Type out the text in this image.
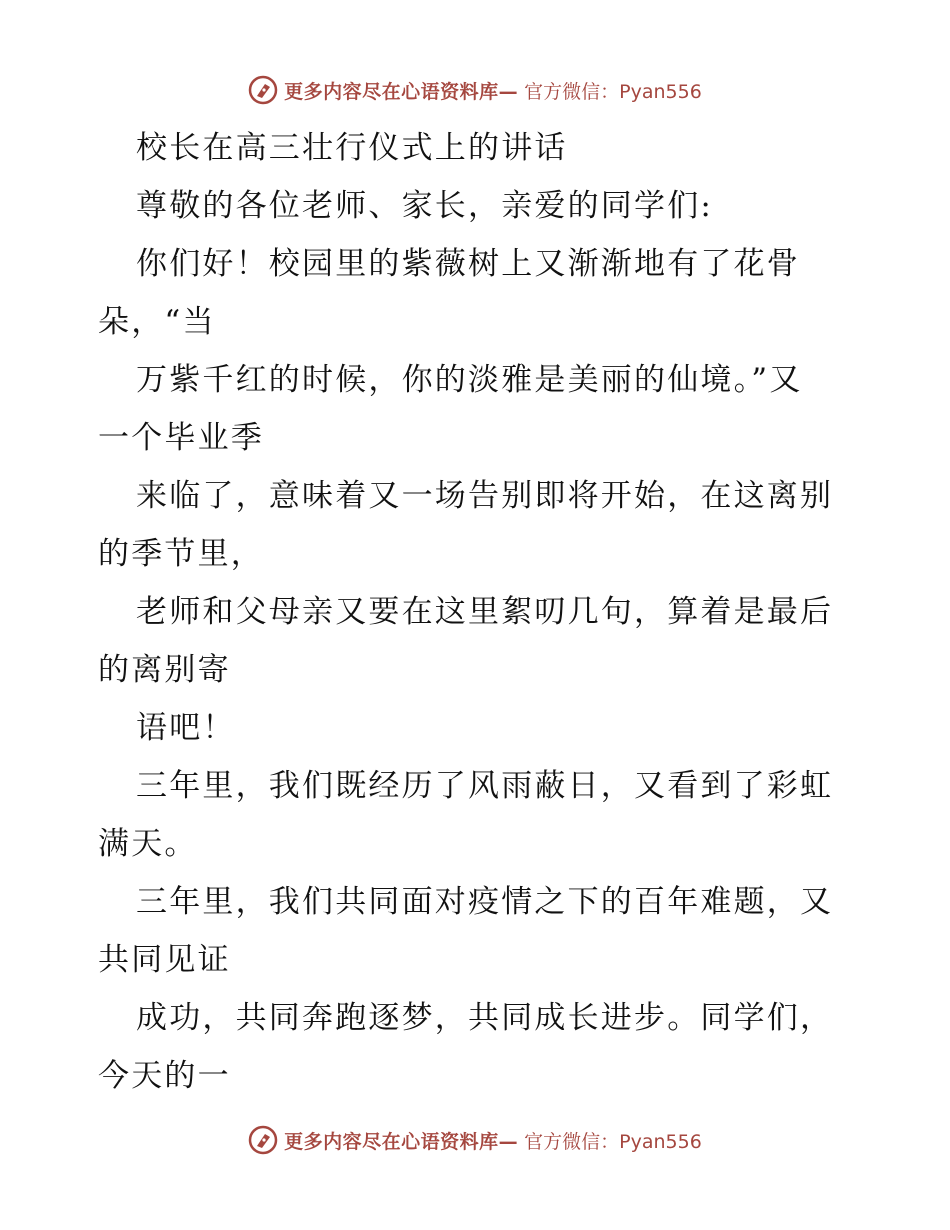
更多内容尽在心语资料库— 官方微信：Pyan556
校长在高三壮行仪式上的讲话
尊敬的各位老师、家长，亲爱的同学们:
你们好！校园里的紫薇树上又渐渐地有了花骨
朵，“当
万紫千红的时候，你的淡雅是美丽的仙境。”又
一个毕业季
来临了，意味着又一场告别即将开始，在这离别
的季节里，
老师和父母亲又要在这里絮叨几句，算着是最后
的离别寄
语吧！
三年里，我们既经历了风雨蔽日，又看到了彩虹
满天。
三年里，我们共同面对疫情之下的百年难题，又
共同见证
成功，共同奔跑逐梦，共同成长进步。同学们，
今天的一
更多内容尽在心语资料库— 官方微信：Pyan556
